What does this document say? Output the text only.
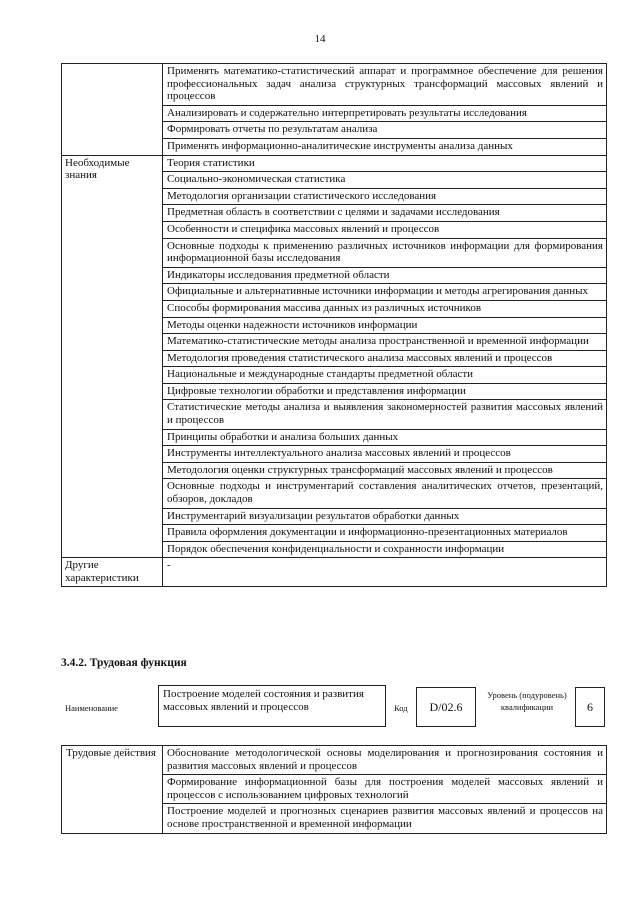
14
	Применять математико-статистический аппарат и программное обеспечение для решения профессиональных задач анализа структурных трансформаций массовых явлений и процессов
	Анализировать и содержательно интерпретировать результаты исследования
	Формировать отчеты по результатам анализа
	Применять информационно-аналитические инструменты анализа данных
Необходимые знания	Теория статистики
	Социально-экономическая статистика
	Методология организации статистического исследования
	Предметная область в соответствии с целями и задачами исследования
	Особенности и специфика массовых явлений и процессов
	Основные подходы к применению различных источников информации для формирования информационной базы исследования
	Индикаторы исследования предметной области
	Официальные и альтернативные источники информации и методы агрегирования данных
	Способы формирования массива данных из различных источников
	Методы оценки надежности источников информации
	Математико-статистические методы анализа пространственной и временной информации
	Методология проведения статистического анализа массовых явлений и процессов
	Национальные и международные стандарты предметной области
	Цифровые технологии обработки и представления информации
	Статистические методы анализа и выявления закономерностей развития массовых явлений и процессов
	Принципы обработки и анализа больших данных
	Инструменты интеллектуального анализа массовых явлений и процессов
	Методология оценки структурных трансформаций массовых явлений и процессов
	Основные подходы и инструментарий составления аналитических отчетов, презентаций, обзоров, докладов
	Инструментарий визуализации результатов обработки данных
	Правила оформления документации и информационно-презентационных материалов
	Порядок обеспечения конфиденциальности и сохранности информации
Другие характеристики	-
3.4.2. Трудовая функция
Наименование
Построение моделей состояния и развития массовых явлений и процессов	Код	D/02.6
Уровень (подуровень) квалификации	6
Трудовые действия	Обоснование методологической основы моделирования и прогнозирования состояния и развития массовых явлений и процессов
Формирование информационной базы для построения моделей массовых явлений и процессов с использованием цифровых технологий
Построение моделей и прогнозных сценариев развития массовых явлений и процессов на основе пространственной и временной информации
